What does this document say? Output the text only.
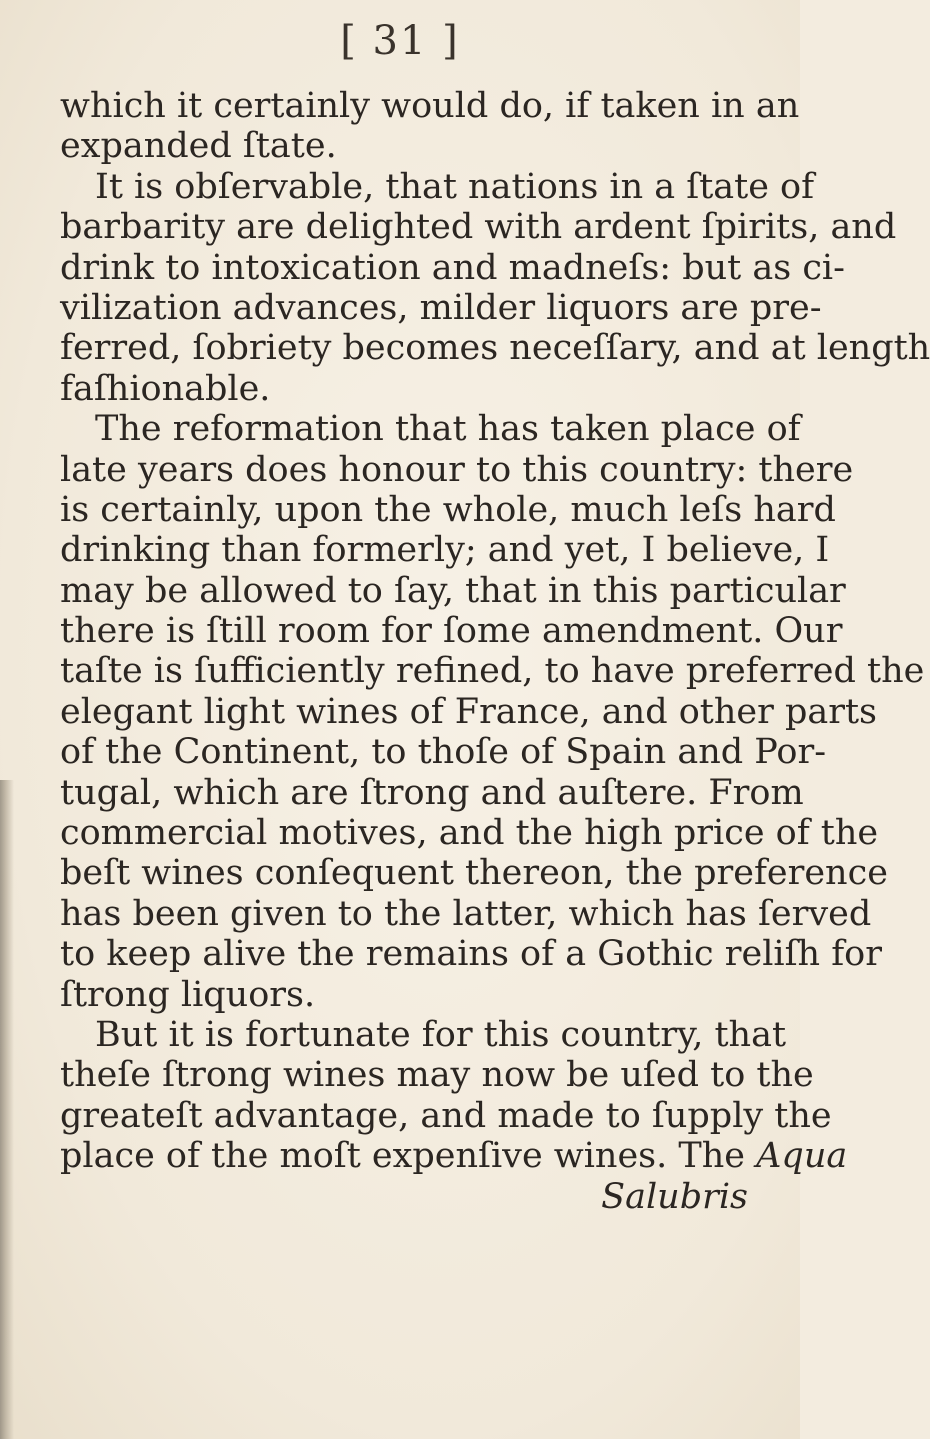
[ 31 ]
which it certainly would do, if taken in an
expanded ſtate.
It is obſervable, that nations in a ſtate of
barbarity are delighted with ardent ſpirits, and
drink to intoxication and madneſs: but as ci-
vilization advances, milder liquors are pre-
ferred, ſobriety becomes neceſſary, and at length
faſhionable.
The reformation that has taken place of
late years does honour to this country: there
is certainly, upon the whole, much leſs hard
drinking than formerly; and yet, I believe, I
may be allowed to ſay, that in this particular
there is ſtill room for ſome amendment. Our
taſte is ſufficiently refined, to have preferred the
elegant light wines of France, and other parts
of the Continent, to thoſe of Spain and Por-
tugal, which are ſtrong and auſtere. From
commercial motives, and the high price of the
beſt wines conſequent thereon, the preference
has been given to the latter, which has ſerved
to keep alive the remains of a Gothic reliſh for
ſtrong liquors.
But it is fortunate for this country, that
theſe ſtrong wines may now be uſed to the
greateſt advantage, and made to ſupply the
place of the moſt expenſive wines. The Aqua
Salubris
